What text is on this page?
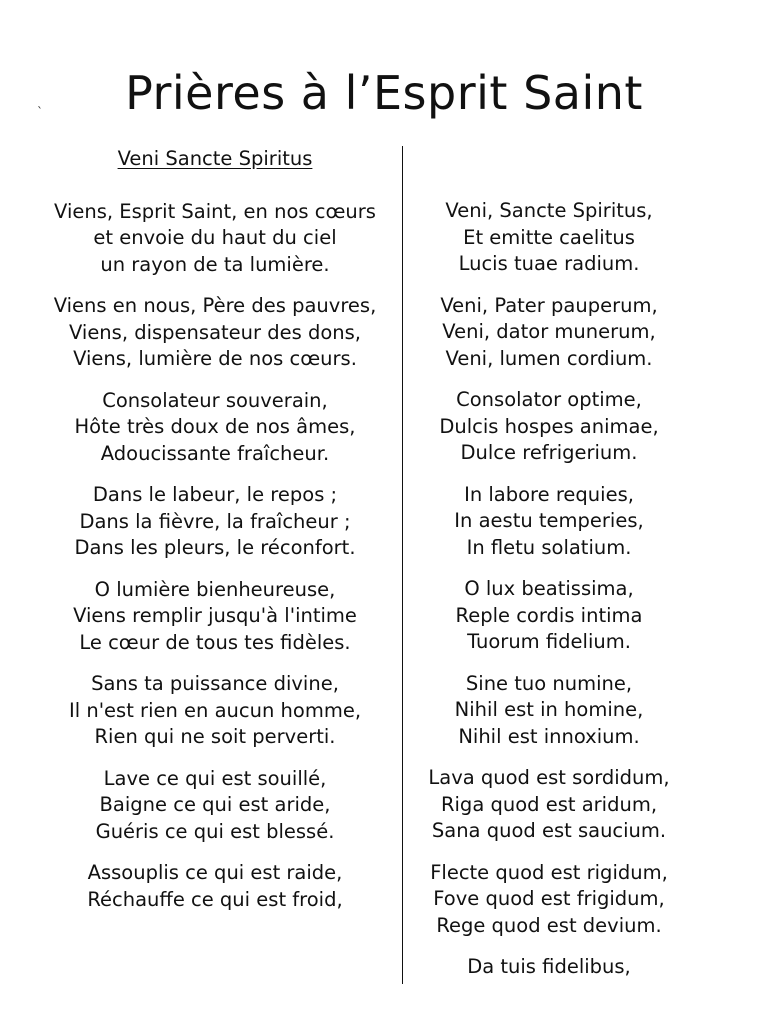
Prières à l’Esprit Saint
`
Veni Sancte Spiritus
Viens, Esprit Saint, en nos cœurs
et envoie du haut du ciel
un rayon de ta lumière.
Viens en nous, Père des pauvres,
Viens, dispensateur des dons,
Viens, lumière de nos cœurs.
Consolateur souverain,
Hôte très doux de nos âmes,
Adoucissante fraîcheur.
Dans le labeur, le repos ;
Dans la fièvre, la fraîcheur ;
Dans les pleurs, le réconfort.
O lumière bienheureuse,
Viens remplir jusqu'à l'intime
Le cœur de tous tes fidèles.
Sans ta puissance divine,
Il n'est rien en aucun homme,
Rien qui ne soit perverti.
Lave ce qui est souillé,
Baigne ce qui est aride,
Guéris ce qui est blessé.
Assouplis ce qui est raide,
Réchauffe ce qui est froid,
Veni, Sancte Spiritus,
Et emitte caelitus
Lucis tuae radium.
Veni, Pater pauperum,
Veni, dator munerum,
Veni, lumen cordium.
Consolator optime,
Dulcis hospes animae,
Dulce refrigerium.
In labore requies,
In aestu temperies,
In fletu solatium.
O lux beatissima,
Reple cordis intima
Tuorum fidelium.
Sine tuo numine,
Nihil est in homine,
Nihil est innoxium.
Lava quod est sordidum,
Riga quod est aridum,
Sana quod est saucium.
Flecte quod est rigidum,
Fove quod est frigidum,
Rege quod est devium.
Da tuis fidelibus,
